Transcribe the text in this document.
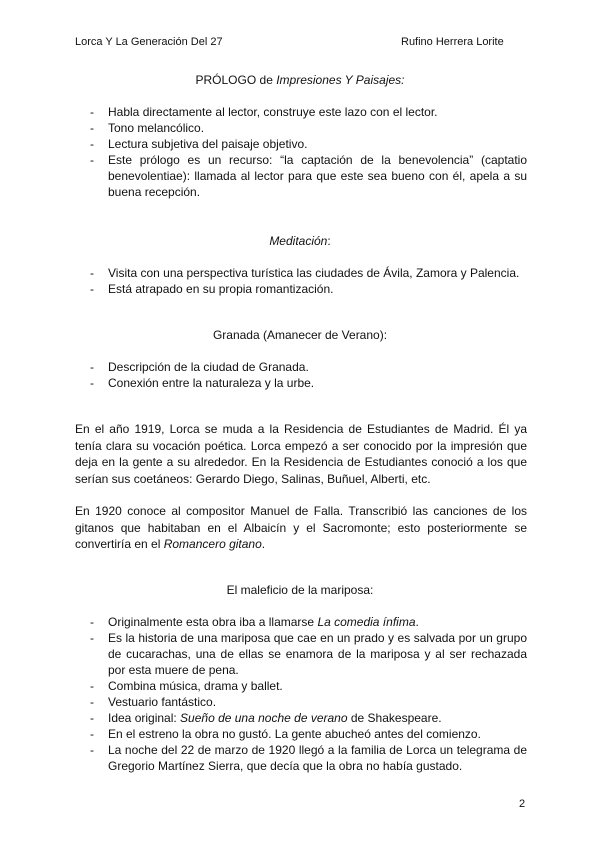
Lorca Y La Generación Del 27	Rufino Herrera Lorite
PRÓLOGO de Impresiones Y Paisajes:
- Habla directamente al lector, construye este lazo con el lector.
- Tono melancólico.
- Lectura subjetiva del paisaje objetivo.
- Este prólogo es un recurso: “la captación de la benevolencia” (captatio benevolentiae): llamada al lector para que este sea bueno con él, apela a su buena recepción.
Meditación:
- Visita con una perspectiva turística las ciudades de Ávila, Zamora y Palencia.
- Está atrapado en su propia romantización.
Granada (Amanecer de Verano):
- Descripción de la ciudad de Granada.
- Conexión entre la naturaleza y la urbe.

En el año 1919, Lorca se muda a la Residencia de Estudiantes de Madrid. Él ya tenía clara su vocación poética. Lorca empezó a ser conocido por la impresión que deja en la gente a su alrededor. En la Residencia de Estudiantes conoció a los que serían sus coetáneos: Gerardo Diego, Salinas, Buñuel, Alberti, etc.

En 1920 conoce al compositor Manuel de Falla. Transcribió las canciones de los gitanos que habitaban en el Albaicín y el Sacromonte; esto posteriormente se convertiría en el Romancero gitano.

El maleficio de la mariposa:
- Originalmente esta obra iba a llamarse La comedia ínfima.
- Es la historia de una mariposa que cae en un prado y es salvada por un grupo de cucarachas, una de ellas se enamora de la mariposa y al ser rechazada por esta muere de pena.
- Combina música, drama y ballet.
- Vestuario fantástico.
- Idea original: Sueño de una noche de verano de Shakespeare.
- En el estreno la obra no gustó. La gente abucheó antes del comienzo.
- La noche del 22 de marzo de 1920 llegó a la familia de Lorca un telegrama de Gregorio Martínez Sierra, que decía que la obra no había gustado.
2
